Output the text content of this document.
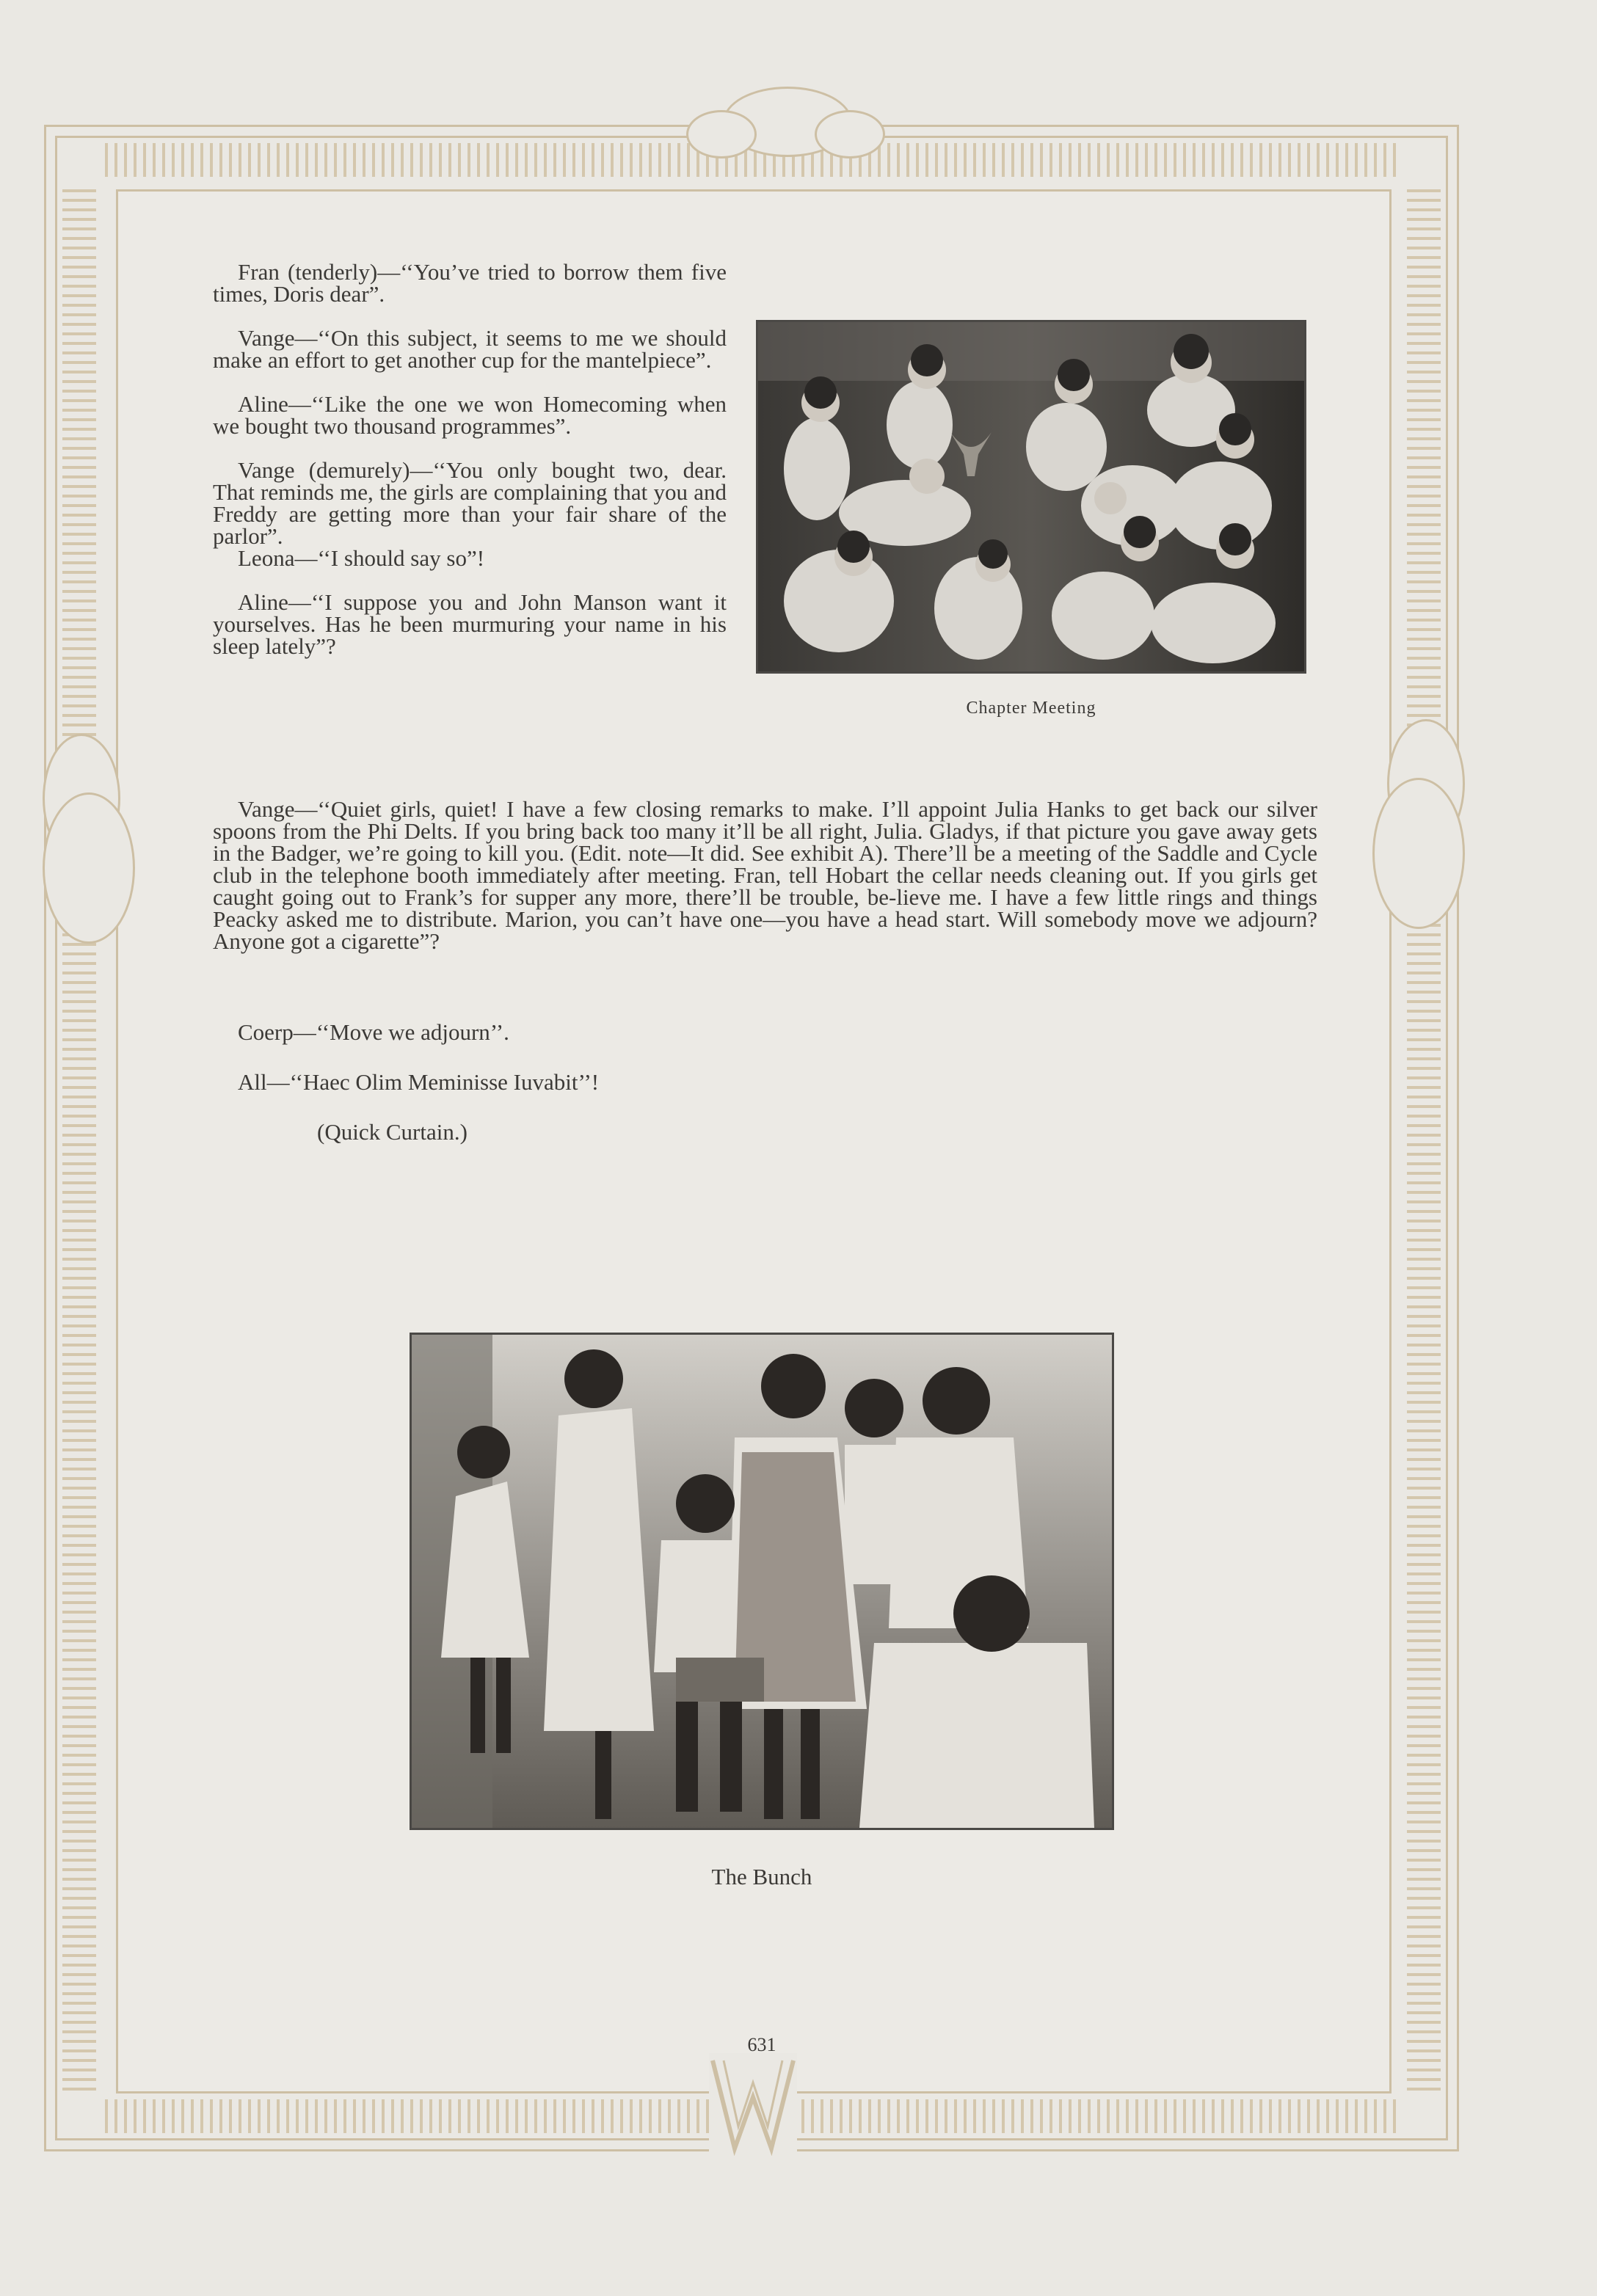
Fran (tenderly)—‘‘You’ve tried to borrow them five times, Doris dear”.

Vange—‘‘On this subject, it seems to me we should make an effort to get another cup for the mantelpiece”.

Aline—‘‘Like the one we won Homecoming when we bought two thousand programmes”.

Vange (demurely)—‘‘You only bought two, dear. That reminds me, the girls are complaining that you and Freddy are getting more than your fair share of the parlor”.

Leona—‘‘I should say so”!

Aline—‘‘I suppose you and John Manson want it yourselves. Has he been murmuring your name in his sleep lately”?

Chapter Meeting

Vange—‘‘Quiet girls, quiet! I have a few closing remarks to make. I’ll appoint Julia Hanks to get back our silver spoons from the Phi Delts. If you bring back too many it’ll be all right, Julia. Gladys, if that picture you gave away gets in the Badger, we’re going to kill you. (Edit. note—It did. See exhibit A). There’ll be a meeting of the Saddle and Cycle club in the telephone booth immediately after meeting. Fran, tell Hobart the cellar needs cleaning out. If you girls get caught going out to Frank’s for supper any more, there’ll be trouble, be-lieve me. I have a few little rings and things Peacky asked me to distribute. Marion, you can’t have one—you have a head start. Will somebody move we adjourn? Anyone got a cigarette”?

Coerp—‘‘Move we adjourn’’.
All—‘‘Haec Olim Meminisse Iuvabit’’!
(Quick Curtain.)
The Bunch
631
